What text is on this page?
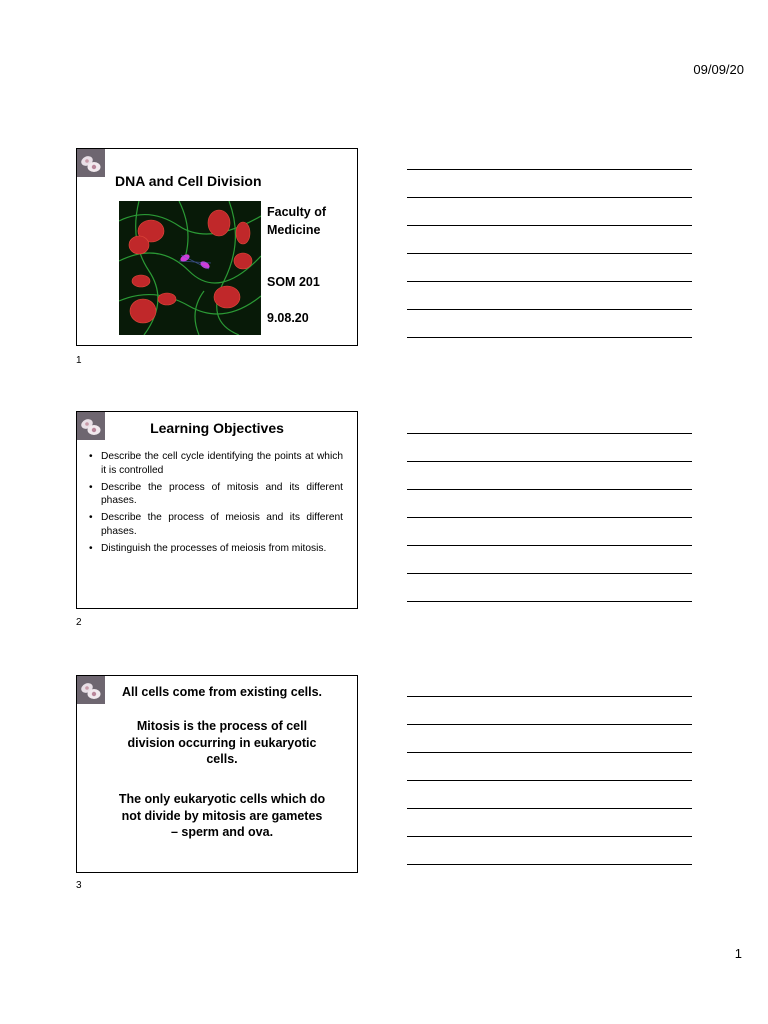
09/09/20
DNA and Cell Division
Faculty of Medicine
SOM 201
9.08.20
1
Learning Objectives
• Describe the cell cycle identifying the points at which it is controlled
• Describe the process of mitosis and its different phases.
• Describe the process of meiosis and its different phases.
• Distinguish the processes of meiosis from mitosis.
2
All cells come from existing cells.
Mitosis is the process of cell division occurring in eukaryotic cells.
The only eukaryotic cells which do not divide by mitosis are gametes – sperm and ova.
3
1
